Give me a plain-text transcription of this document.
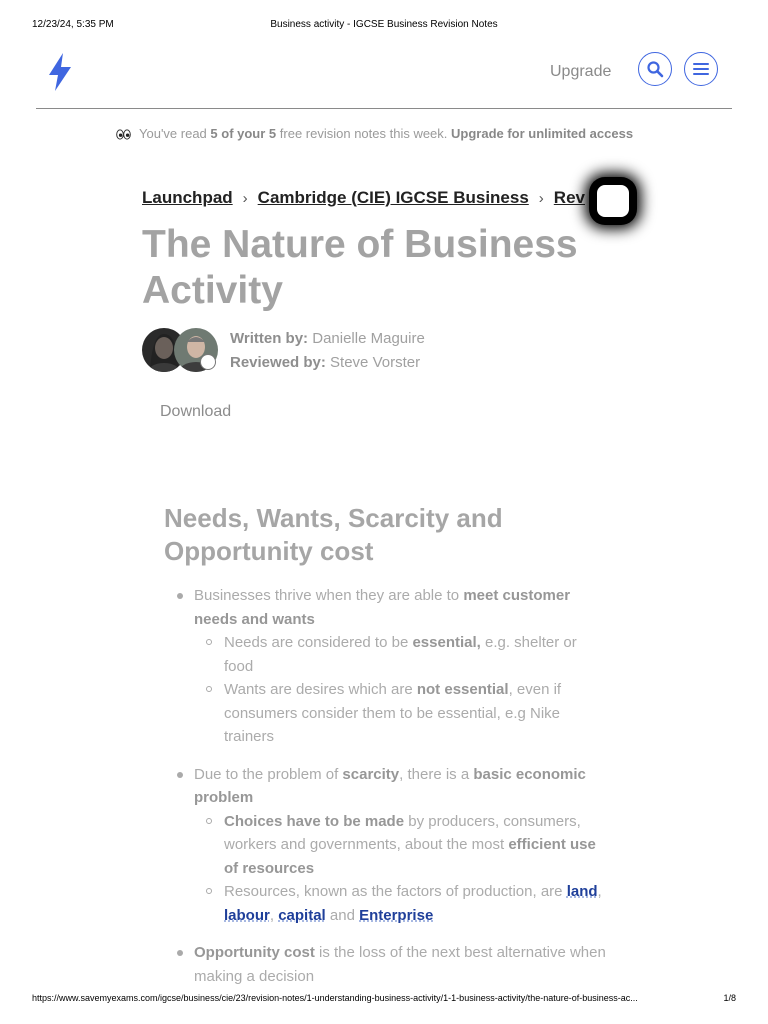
12/23/24, 5:35 PM	Business activity - IGCSE Business Revision Notes
Upgrade
You've read 5 of your 5 free revision notes this week. Upgrade for unlimited access
Launchpad › Cambridge (CIE) IGCSE Business › Rev
The Nature of Business Activity
Written by: Danielle Maguire
Reviewed by: Steve Vorster
Download
Needs, Wants, Scarcity and Opportunity cost
Businesses thrive when they are able to meet customer needs and wants
Needs are considered to be essential, e.g. shelter or food
Wants are desires which are not essential, even if consumers consider them to be essential, e.g Nike trainers
Due to the problem of scarcity, there is a basic economic problem
Choices have to be made by producers, consumers, workers and governments, about the most efficient use of resources
Resources, known as the factors of production, are land, labour, capital and Enterprise
Opportunity cost is the loss of the next best alternative when making a decision
https://www.savemyexams.com/igcse/business/cie/23/revision-notes/1-understanding-business-activity/1-1-business-activity/the-nature-of-business-ac...	1/8
